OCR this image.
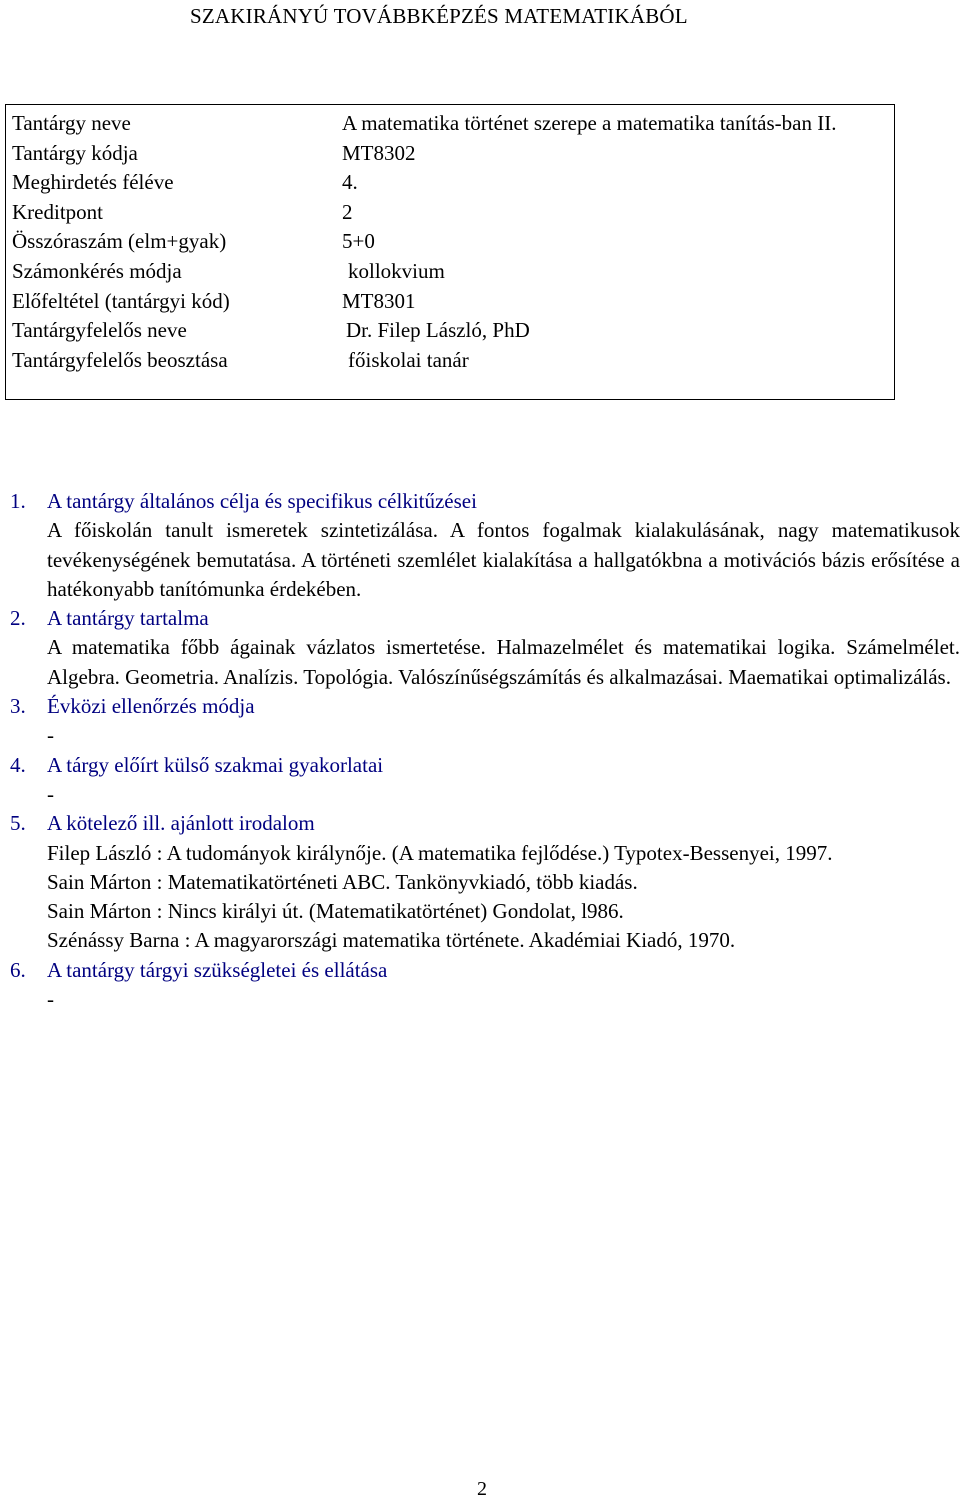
SZAKIRÁNYÚ TOVÁBBKÉPZÉS MATEMATIKÁBÓL
Tantárgy neve	A matematika történet szerepe a matematika tanítás-ban II.
Tantárgy kódja	MT8302
Meghirdetés féléve	4.
Kreditpont	2
Összóraszám (elm+gyak)	5+0
Számonkérés módja	kollokvium
Előfeltétel (tantárgyi kód)	MT8301
Tantárgyfelelős neve	Dr. Filep László, PhD
Tantárgyfelelős beosztása	főiskolai tanár
1.	A tantárgy általános célja és specifikus célkitűzései
A főiskolán tanult ismeretek szintetizálása. A fontos fogalmak kialakulásának, nagy matematikusok tevékenységének bemutatása. A történeti szemlélet kialakítása a hallgatókbna a motivációs bázis erősítése a hatékonyabb tanítómunka érdekében.
2.	A tantárgy tartalma
A matematika főbb ágainak vázlatos ismertetése. Halmazelmélet és matematikai logika. Számelmélet. Algebra. Geometria. Analízis. Topológia. Valószínűségszámítás és alkalmazásai. Maematikai optimalizálás.
3.	Évközi ellenőrzés módja
-
4.	A tárgy előírt külső szakmai gyakorlatai
-
5.	A kötelező ill. ajánlott irodalom
Filep László : A tudományok királynője. (A matematika fejlődése.) Typotex-Bessenyei, 1997.
Sain Márton : Matematikatörténeti ABC. Tankönyvkiadó, több kiadás.
Sain Márton : Nincs királyi út. (Matematikatörténet) Gondolat, l986.
Szénássy Barna : A magyarországi matematika története. Akadémiai Kiadó, 1970.
6.	A tantárgy tárgyi szükségletei és ellátása
-
2
